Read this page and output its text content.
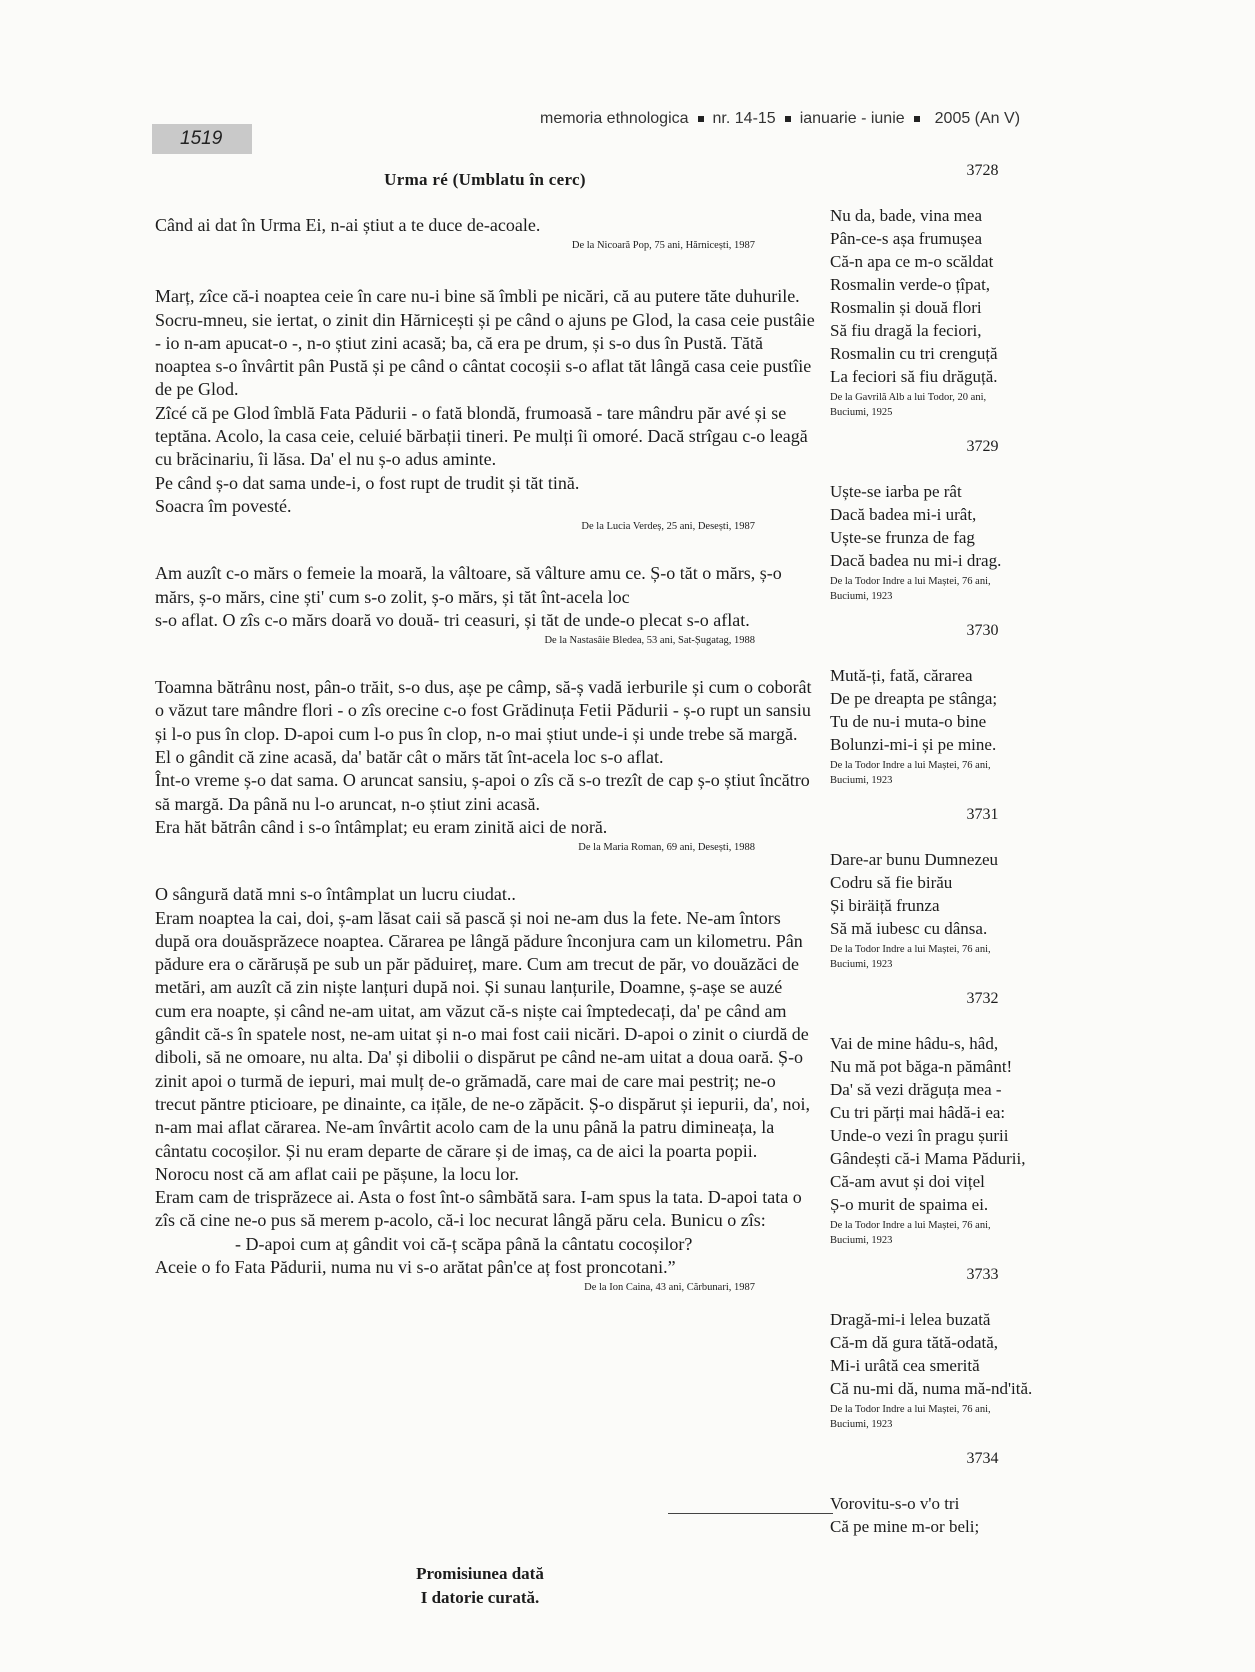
1519
memoria ethnologica nr. 14-15 ianuarie - iunie 2005 (An V)
Urma ré (Umblatu în cerc)

Când ai dat în Urma Ei, n-ai știut a te duce de-acoale.

De la Nicoară Pop, 75 ani, Hărnicești, 1987

Marț, zîce că-i noaptea ceie în care nu-i bine să îmbli pe nicări, că au putere tăte duhurile.

Socru-mneu, sie iertat, o zinit din Hărnicești și pe când o ajuns pe Glod, la casa ceie pustâie - io n-am apucat-o -, n-o știut zini acasă; ba, că era pe drum, și s-o dus în Pustă. Tătă noaptea s-o învârtit pân Pustă și pe când o cântat cocoșii s-o aflat tăt lângă casa ceie pustîie de pe Glod.

Zîcé că pe Glod îmblă Fata Pădurii - o fată blondă, frumoasă - tare mândru păr avé și se teptăna. Acolo, la casa ceie, celuié bărbații tineri. Pe mulți îi omoré. Dacă strîgau c-o leagă cu brăcinariu, îi lăsa. Da' el nu ș-o adus aminte.

Pe când ș-o dat sama unde-i, o fost rupt de trudit și tăt tină.

Soacra îm povesté.

De la Lucia Verdeș, 25 ani, Desești, 1987

Am auzît c-o mărs o femeie la moară, la vâltoare, să vâlture amu ce. Ș-o tăt o mărs, ș-o mărs, ș-o mărs, cine ști' cum s-o zolit, ș-o mărs, și tăt înt-acela loc

s-o aflat. O zîs c-o mărs doară vo două- tri ceasuri, și tăt de unde-o plecat s-o aflat.

De la Nastasâie Bledea, 53 ani, Sat-Șugatag, 1988

Toamna bătrânu nost, pân-o trăit, s-o dus, așe pe câmp, să-ș vadă ierburile și cum o coborât o văzut tare mândre flori - o zîs orecine c-o fost Grădinuța Fetii Pădurii - ș-o rupt un sansiu și l-o pus în clop. D-apoi cum l-o pus în clop, n-o mai știut unde-i și unde trebe să margă. El o gândit că zine acasă, da' batăr cât o mărs tăt înt-acela loc s-o aflat.

Înt-o vreme ș-o dat sama. O aruncat sansiu, ș-apoi o zîs că s-o trezît de cap ș-o știut încătro să margă. Da până nu l-o aruncat, n-o știut zini acasă.

Era hăt bătrân când i s-o întâmplat; eu eram zinită aici de noră.

De la Maria Roman, 69 ani, Desești, 1988

O sângură dată mni s-o întâmplat un lucru ciudat..

Eram noaptea la cai, doi, ș-am lăsat caii să pască și noi ne-am dus la fete. Ne-am întors după ora douăsprăzece noaptea. Cărarea pe lângă pădure înconjura cam un kilometru. Pân pădure era o cărărușă pe sub un păr păduireț, mare. Cum am trecut de păr, vo douăzăci de metări, am auzît că zin niște lanțuri după noi. Și sunau lanțurile, Doamne, ș-așe se auzé cum era noapte, și când ne-am uitat, am văzut că-s niște cai împtedecați, da' pe când am gândit că-s în spatele nost, ne-am uitat și n-o mai fost caii nicări. D-apoi o zinit o ciurdă de diboli, să ne omoare, nu alta. Da' și dibolii o dispărut pe când ne-am uitat a doua oară. Ș-o zinit apoi o turmă de iepuri, mai mulț de-o grămadă, care mai de care mai pestriț; ne-o trecut păntre pticioare, pe dinainte, ca ițăle, de ne-o zăpăcit. Ș-o dispărut și iepurii, da', noi, n-am mai aflat cărarea. Ne-am învârtit acolo cam de la unu până la patru dimineața, la cântatu cocoșilor. Și nu eram departe de cărare și de imaș, ca de aici la poarta popii. Norocu nost că am aflat caii pe pășune, la locu lor.

Eram cam de trisprăzece ai. Asta o fost înt-o sâmbătă sara. I-am spus la tata. D-apoi tata o zîs că cine ne-o pus să merem p-acolo, că-i loc necurat lângă păru cela. Bunicu o zîs:

- D-apoi cum aț gândit voi că-ț scăpa până la cântatu cocoșilor?

Aceie o fo Fata Pădurii, numa nu vi s-o arătat pân'ce aț fost proncotani.”

De la Ion Caina, 43 ani, Cărbunari, 1987
Promisiunea dată
I datorie curată.
3728
Nu da, bade, vina mea
Pân-ce-s așa frumușea
Că-n apa ce m-o scăldat
Rosmalin verde-o țîpat,
Rosmalin și două flori
Să fiu dragă la feciori,
Rosmalin cu tri crenguță
La feciori să fiu drăguță.
De la Gavrilă Alb a lui Todor, 20 ani,
Buciumi, 1925
3729
Uște-se iarba pe rât
Dacă badea mi-i urât,
Uște-se frunza de fag
Dacă badea nu mi-i drag.
De la Todor Indre a lui Maștei, 76 ani,
Buciumi, 1923
3730
Mută-ți, fată, cărarea
De pe dreapta pe stânga;
Tu de nu-i muta-o bine
Bolunzi-mi-i și pe mine.
De la Todor Indre a lui Maștei, 76 ani,
Buciumi, 1923
3731
Dare-ar bunu Dumnezeu
Codru să fie birău
Și biräiță frunza
Să mă iubesc cu dânsa.
De la Todor Indre a lui Maștei, 76 ani,
Buciumi, 1923
3732
Vai de mine hâdu-s, hâd,
Nu mă pot băga-n pământ!
Da' să vezi drăguța mea -
Cu tri părți mai hâdă-i ea:
Unde-o vezi în pragu șurii
Gândești că-i Mama Pădurii,
Că-am avut și doi vițel
Ș-o murit de spaima ei.
De la Todor Indre a lui Maștei, 76 ani,
Buciumi, 1923
3733
Dragă-mi-i lelea buzată
Că-m dă gura tătă-odată,
Mi-i urâtă cea smerită
Că nu-mi dă, numa mă-nd'ită.
De la Todor Indre a lui Maștei, 76 ani,
Buciumi, 1923
3734
Vorovitu-s-o v'o tri
Că pe mine m-or beli;
